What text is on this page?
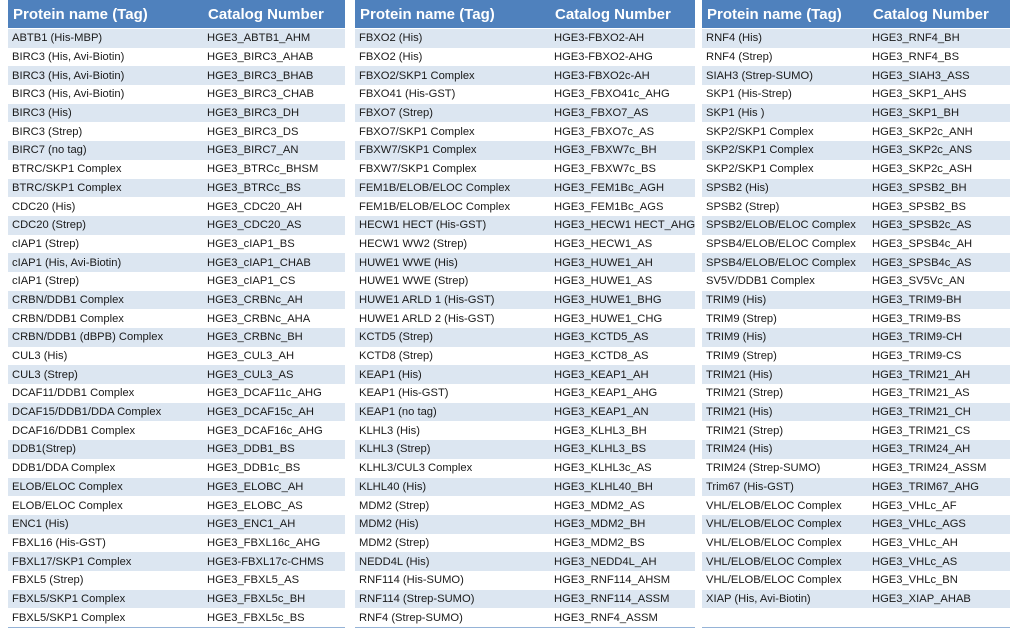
Protein name (Tag)	Catalog Number
ABTB1 (His-MBP)	HGE3_ABTB1_AHM
BIRC3 (His, Avi-Biotin)	HGE3_BIRC3_AHAB
BIRC3 (His, Avi-Biotin)	HGE3_BIRC3_BHAB
BIRC3 (His, Avi-Biotin)	HGE3_BIRC3_CHAB
BIRC3 (His)	HGE3_BIRC3_DH
BIRC3 (Strep)	HGE3_BIRC3_DS
BIRC7 (no tag)	HGE3_BIRC7_AN
BTRC/SKP1 Complex	HGE3_BTRCc_BHSM
BTRC/SKP1 Complex	HGE3_BTRCc_BS
CDC20 (His)	HGE3_CDC20_AH
CDC20 (Strep)	HGE3_CDC20_AS
cIAP1 (Strep)	HGE3_cIAP1_BS
cIAP1 (His, Avi-Biotin)	HGE3_cIAP1_CHAB
cIAP1 (Strep)	HGE3_cIAP1_CS
CRBN/DDB1 Complex	HGE3_CRBNc_AH
CRBN/DDB1 Complex	HGE3_CRBNc_AHA
CRBN/DDB1 (dBPB) Complex	HGE3_CRBNc_BH
CUL3 (His)	HGE3_CUL3_AH
CUL3 (Strep)	HGE3_CUL3_AS
DCAF11/DDB1 Complex	HGE3_DCAF11c_AHG
DCAF15/DDB1/DDA Complex	HGE3_DCAF15c_AH
DCAF16/DDB1 Complex	HGE3_DCAF16c_AHG
DDB1(Strep)	HGE3_DDB1_BS
DDB1/DDA Complex	HGE3_DDB1c_BS
ELOB/ELOC Complex	HGE3_ELOBC_AH
ELOB/ELOC Complex	HGE3_ELOBC_AS
ENC1 (His)	HGE3_ENC1_AH
FBXL16 (His-GST)	HGE3_FBXL16c_AHG
FBXL17/SKP1 Complex	HGE3-FBXL17c-CHMS
FBXL5 (Strep)	HGE3_FBXL5_AS
FBXL5/SKP1 Complex	HGE3_FBXL5c_BH
FBXL5/SKP1 Complex	HGE3_FBXL5c_BS
Protein name (Tag)	Catalog Number
FBXO2 (His)	HGE3-FBXO2-AH
FBXO2 (His)	HGE3-FBXO2-AHG
FBXO2/SKP1 Complex	HGE3-FBXO2c-AH
FBXO41 (His-GST)	HGE3_FBXO41c_AHG
FBXO7 (Strep)	HGE3_FBXO7_AS
FBXO7/SKP1 Complex	HGE3_FBXO7c_AS
FBXW7/SKP1 Complex	HGE3_FBXW7c_BH
FBXW7/SKP1 Complex	HGE3_FBXW7c_BS
FEM1B/ELOB/ELOC Complex	HGE3_FEM1Bc_AGH
FEM1B/ELOB/ELOC Complex	HGE3_FEM1Bc_AGS
HECW1 HECT (His-GST)	HGE3_HECW1 HECT_AHG
HECW1 WW2 (Strep)	HGE3_HECW1_AS
HUWE1 WWE (His)	HGE3_HUWE1_AH
HUWE1 WWE (Strep)	HGE3_HUWE1_AS
HUWE1 ARLD 1 (His-GST)	HGE3_HUWE1_BHG
HUWE1 ARLD 2 (His-GST)	HGE3_HUWE1_CHG
KCTD5 (Strep)	HGE3_KCTD5_AS
KCTD8 (Strep)	HGE3_KCTD8_AS
KEAP1 (His)	HGE3_KEAP1_AH
KEAP1 (His-GST)	HGE3_KEAP1_AHG
KEAP1 (no tag)	HGE3_KEAP1_AN
KLHL3 (His)	HGE3_KLHL3_BH
KLHL3 (Strep)	HGE3_KLHL3_BS
KLHL3/CUL3 Complex	HGE3_KLHL3c_AS
KLHL40 (His)	HGE3_KLHL40_BH
MDM2 (Strep)	HGE3_MDM2_AS
MDM2 (His)	HGE3_MDM2_BH
MDM2 (Strep)	HGE3_MDM2_BS
NEDD4L (His)	HGE3_NEDD4L_AH
RNF114 (His-SUMO)	HGE3_RNF114_AHSM
RNF114 (Strep-SUMO)	HGE3_RNF114_ASSM
RNF4 (Strep-SUMO)	HGE3_RNF4_ASSM
Protein name (Tag)	Catalog Number
RNF4 (His)	HGE3_RNF4_BH
RNF4 (Strep)	HGE3_RNF4_BS
SIAH3 (Strep-SUMO)	HGE3_SIAH3_ASS
SKP1 (His-Strep)	HGE3_SKP1_AHS
SKP1 (His )	HGE3_SKP1_BH
SKP2/SKP1 Complex	HGE3_SKP2c_ANH
SKP2/SKP1 Complex	HGE3_SKP2c_ANS
SKP2/SKP1 Complex	HGE3_SKP2c_ASH
SPSB2 (His)	HGE3_SPSB2_BH
SPSB2 (Strep)	HGE3_SPSB2_BS
SPSB2/ELOB/ELOC Complex	HGE3_SPSB2c_AS
SPSB4/ELOB/ELOC Complex	HGE3_SPSB4c_AH
SPSB4/ELOB/ELOC Complex	HGE3_SPSB4c_AS
SV5V/DDB1 Complex	HGE3_SV5Vc_AN
TRIM9 (His)	HGE3_TRIM9-BH
TRIM9 (Strep)	HGE3_TRIM9-BS
TRIM9 (His)	HGE3_TRIM9-CH
TRIM9 (Strep)	HGE3_TRIM9-CS
TRIM21 (His)	HGE3_TRIM21_AH
TRIM21 (Strep)	HGE3_TRIM21_AS
TRIM21 (His)	HGE3_TRIM21_CH
TRIM21 (Strep)	HGE3_TRIM21_CS
TRIM24 (His)	HGE3_TRIM24_AH
TRIM24 (Strep-SUMO)	HGE3_TRIM24_ASSM
Trim67 (His-GST)	HGE3_TRIM67_AHG
VHL/ELOB/ELOC Complex	HGE3_VHLc_AF
VHL/ELOB/ELOC Complex	HGE3_VHLc_AGS
VHL/ELOB/ELOC Complex	HGE3_VHLc_AH
VHL/ELOB/ELOC Complex	HGE3_VHLc_AS
VHL/ELOB/ELOC Complex	HGE3_VHLc_BN
XIAP (His, Avi-Biotin)	HGE3_XIAP_AHAB
